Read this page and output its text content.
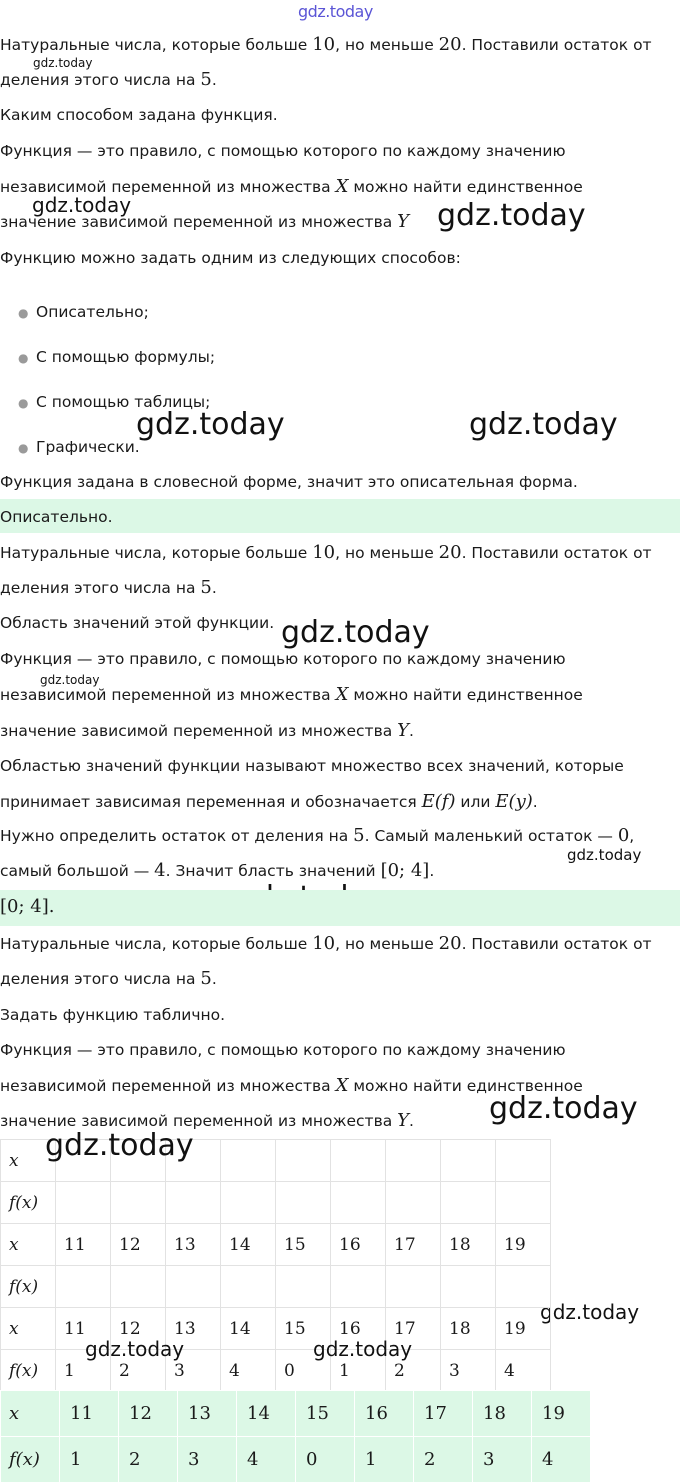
gdz.today
gdz.today
gdz.today	gdz.today
gdz.today	gdz.today
gdz.today
gdz.today
gdz.today
gdz.today
gdz.today
gdz.today
gdz.today	gdz.today
Натуральные числа, которые больше 10, но меньше 20. Поставили остаток от
деления этого числа на 5.
Каким способом задана функция.
Функция — это правило, с помощью которого по каждому значению
независимой переменной из множества X можно найти единственное
значение зависимой переменной из множества Y
Функцию можно задать одним из следующих способов:
● Описательно;
● С помощью формулы;
● С помощью таблицы;
● Графически.
Функция задана в словесной форме, значит это описательная форма.
Описательно.
Натуральные числа, которые больше 10, но меньше 20. Поставили остаток от
деления этого числа на 5.
Область значений этой функции.
Функция — это правило, с помощью которого по каждому значению
независимой переменной из множества X можно найти единственное
значение зависимой переменной из множества Y.
Областью значений функции называют множество всех значений, которые
принимает зависимая переменная и обозначается E(f) или E(y).
Нужно определить остаток от деления на 5. Самый маленький остаток — 0,
самый большой — 4. Значит бласть значений [0; 4].
[0; 4].
Натуральные числа, которые больше 10, но меньше 20. Поставили остаток от
деления этого числа на 5.
Задать функцию таблично.
Функция — это правило, с помощью которого по каждому значению
независимой переменной из множества X можно найти единственное
значение зависимой переменной из множества Y.
x									
f(x)									
x	11	12	13	14	15	16	17	18	19
f(x)									
x	11	12	13	14	15	16	17	18	19
f(x)	1	2	3	4	0	1	2	3	4
x	11	12	13	14	15	16	17	18	19
f(x)	1	2	3	4	0	1	2	3	4
